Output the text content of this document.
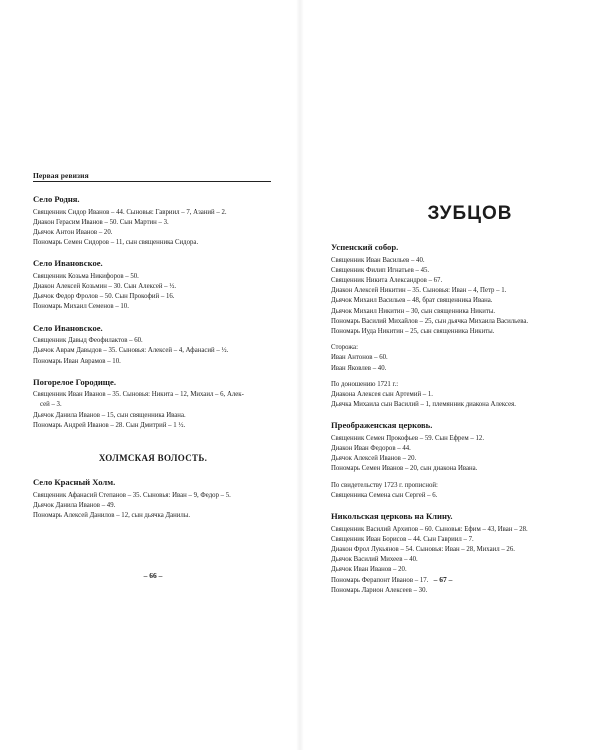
Первая ревизия
Село Родня.
Священник Сидор Иванов – 44. Сыновья: Гавриил – 7, Азаний – 2.
Диакон Герасим Иванов – 50. Сын Мартин – 3.
Дьячок Антон Иванов – 20.
Пономарь Семен Сидоров – 11, сын священника Сидора.
Село Ивановское.
Священник Козьма Никифоров – 50.
Диакон Алексей Козьмин – 30. Сын Алексей – ½.
Дьячок Федор Фролов – 50. Сын Прокофий – 16.
Пономарь Михаил Семенов – 10.
Село Ивановское.
Священник Давыд Феофилактов – 60.
Дьячок Аврам Давыдов – 35. Сыновья: Алексей – 4, Афанасий – ½.
Пономарь Иван Аврамов – 10.
Погорелое Городище.
Священник Иван Иванов – 35. Сыновья: Никита – 12, Михаил – 6, Алек-
сей – 3.
Дьячок Данила Иванов – 15, сын священника Ивана.
Пономарь Андрей Иванов – 28. Сын Дмитрий – 1 ½.
ХОЛМСКАЯ ВОЛОСТЬ.
Село Красный Холм.
Священник Афанасий Степанов – 35. Сыновья: Иван – 9, Федор – 5.
Дьячок Данила Иванов – 49.
Пономарь Алексей Данилов – 12, сын дьячка Данилы.
– 66 –
ЗУБЦОВ
Успенский собор.
Священник Иван Васильев – 40.
Священник Филип Игнатьев – 45.
Священник Никита Александров – 67.
Диакон Алексей Никитин – 35. Сыновья: Иван – 4, Петр – 1.
Дьячок Михаил Васильев – 48, брат священника Ивана.
Дьячок Михаил Никитин – 30, сын священника Никиты.
Пономарь Василий Михайлов – 25, сын дьячка Михаила Васильева.
Пономарь Иуда Никитин – 25, сын священника Никиты.
Сторожа:
Иван Антонов – 60.
Иван Яковлев – 40.
По доношению 1721 г.:
Диакона Алексея сын Артемий – 1.
Дьячка Михаила сын Василий – 1, племянник диакона Алексея.
Преображенская церковь.
Священник Семен Прокофьев – 59. Сын Ефрем – 12.
Диакон Иван Федоров – 44.
Дьячок Алексей Иванов – 20.
Пономарь Семен Иванов – 20, сын диакона Ивана.
По свидетельству 1723 г. прописной:
Священника Семена сын Сергей – 6.
Никольская церковь на Клину.
Священник Василий Архипов – 60. Сыновья: Ефим – 43, Иван – 28.
Священник Иван Борисов – 44. Сын Гавриил – 7.
Диакон Фрол Лукьянов – 54. Сыновья: Иван – 28, Михаил – 26.
Дьячок Василий Михеев – 40.
Дьячок Иван Иванов – 20.
Пономарь Ферапонт Иванов – 17.
Пономарь Ларион Алексеев – 30.
– 67 –
